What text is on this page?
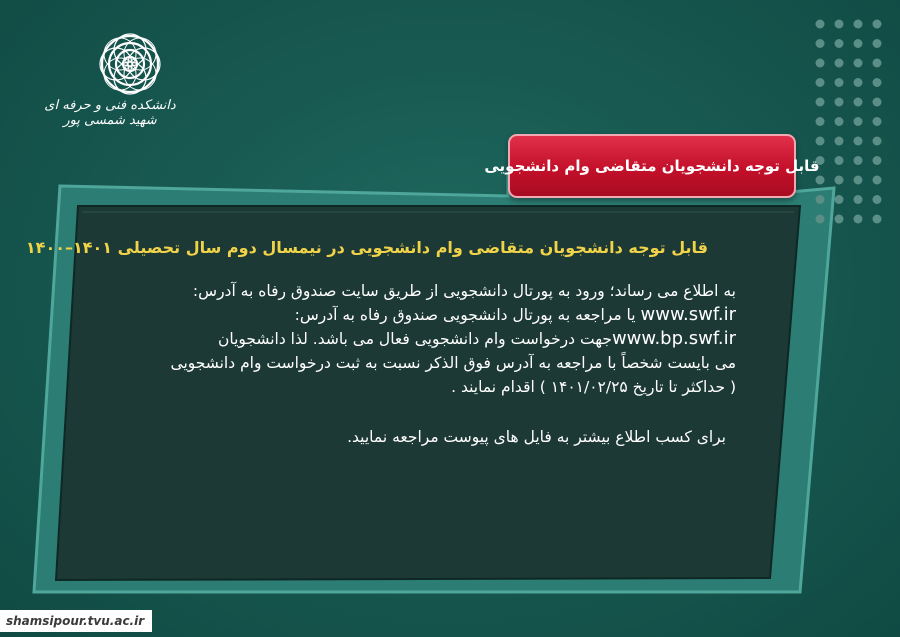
دانشکده فنی و حرفه ای شهید شمسی پور
قابل توجه دانشجویان متقاضی وام دانشجویی
قابل توجه دانشجویان متقاضی وام دانشجویی در نیمسال دوم سال تحصیلی ۱۴۰۱–۱۴۰۰
به اطلاع می رساند؛ ورود به پورتال دانشجویی از طریق سایت صندوق رفاه به آدرس:
www.swf.ir یا مراجعه به پورتال دانشجویی صندوق رفاه به آدرس:
www.bp.swf.irجهت درخواست وام دانشجویی فعال می باشد. لذا دانشجویان
می بایست شخصاً با مراجعه به آدرس فوق الذکر نسبت به ثبت درخواست وام دانشجویی
( حداکثر تا تاریخ ۱۴۰۱/۰۲/۲۵ ) اقدام نمایند .
برای کسب اطلاع بیشتر به فایل های پیوست مراجعه نمایید.
shamsipour.tvu.ac.ir
